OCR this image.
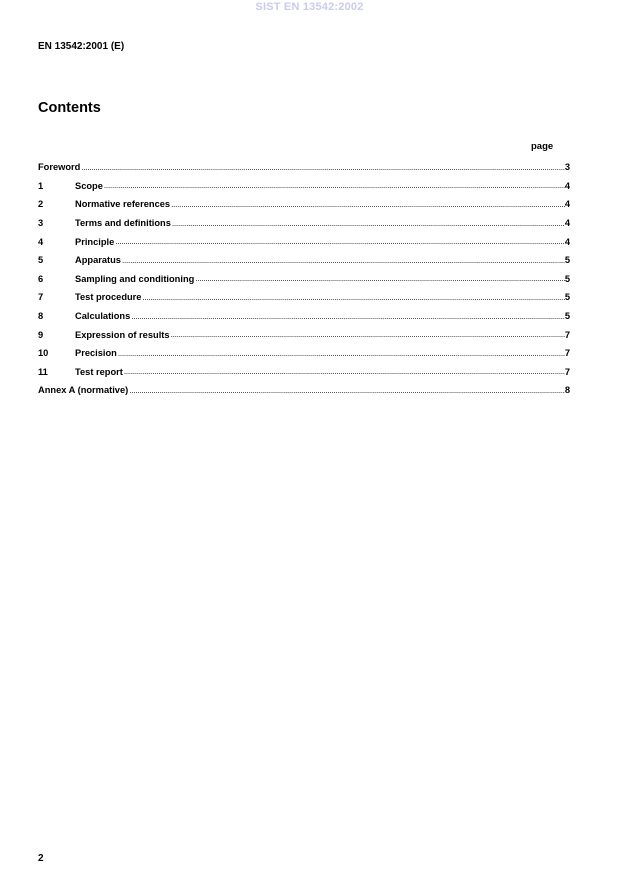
SIST EN 13542:2002
EN 13542:2001 (E)
Contents
page
Foreword .....	3
1	Scope .....	4
2	Normative references .....	4
3	Terms and definitions .....	4
4	Principle .....	4
5	Apparatus .....	5
6	Sampling and conditioning .....	5
7	Test procedure .....	5
8	Calculations .....	5
9	Expression of results .....	7
10	Precision .....	7
11	Test report .....	7
Annex A (normative) .....	8
2
